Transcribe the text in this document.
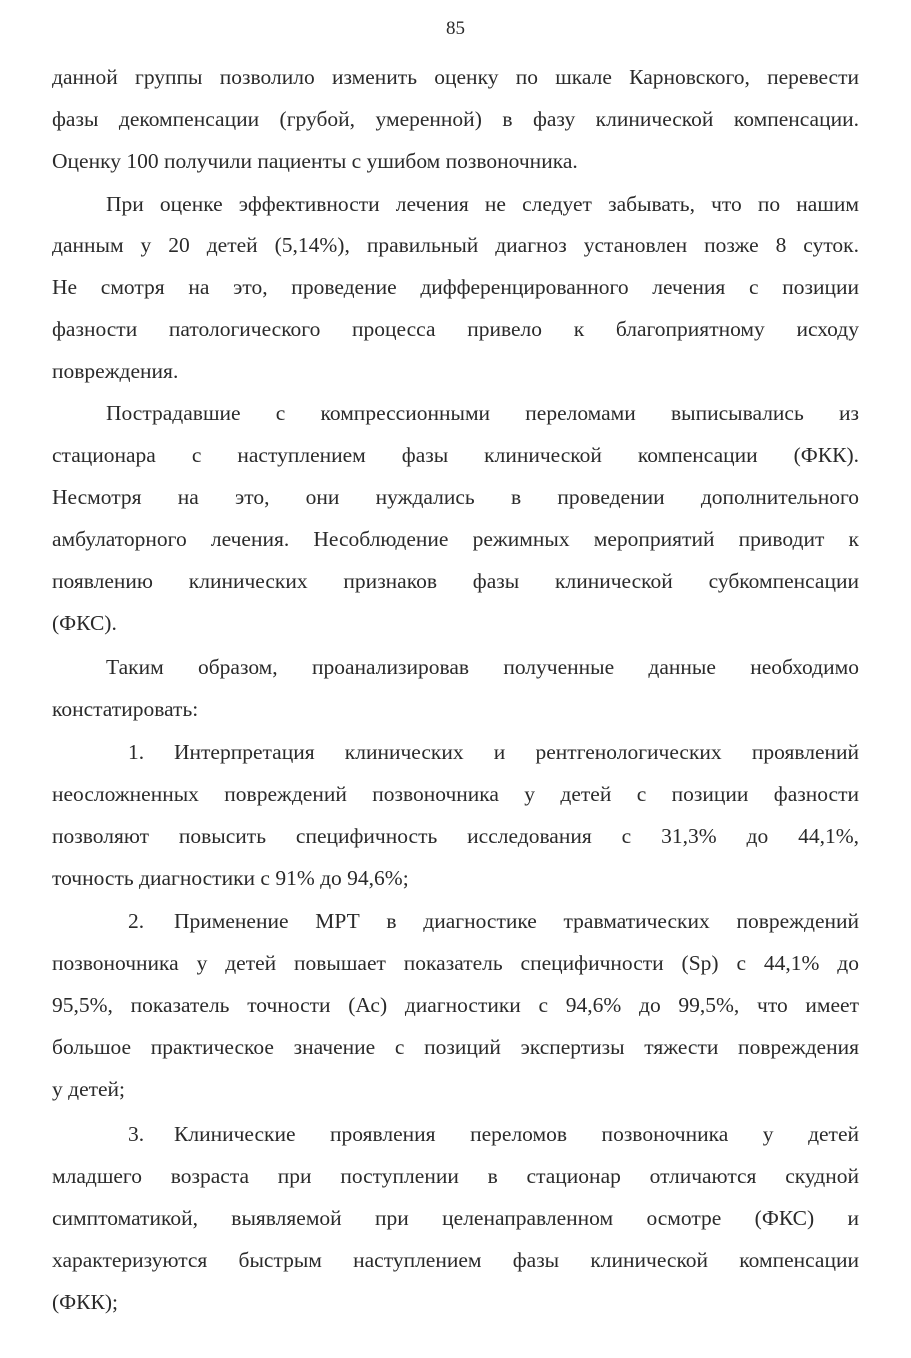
85
данной группы позволило изменить оценку по шкале Карновского, перевести
фазы декомпенсации (грубой, умеренной) в фазу клинической компенсации.
Оценку 100 получили пациенты с ушибом позвоночника.
При оценке эффективности лечения не следует забывать, что по нашим
данным у 20 детей (5,14%), правильный диагноз установлен позже 8 суток.
Не смотря на это, проведение дифференцированного лечения с позиции
фазности патологического процесса привело к благоприятному исходу
повреждения.
Пострадавшие с компрессионными переломами выписывались из
стационара с наступлением фазы клинической компенсации (ФКК).
Несмотря на это, они нуждались в проведении дополнительного
амбулаторного лечения. Несоблюдение режимных мероприятий приводит к
появлению клинических признаков фазы клинической субкомпенсации
(ФКС).
Таким образом, проанализировав полученные данные необходимо
констатировать:
1. Интерпретация клинических и рентгенологических проявлений
неосложненных повреждений позвоночника у детей с позиции фазности
позволяют повысить специфичность исследования с 31,3% до 44,1%,
точность диагностики с 91% до 94,6%;
2. Применение МРТ в диагностике травматических повреждений
позвоночника у детей повышает показатель специфичности (Sp) с 44,1% до
95,5%, показатель точности (Ас) диагностики с 94,6% до 99,5%, что имеет
большое практическое значение с позиций экспертизы тяжести повреждения
у детей;
3. Клинические проявления переломов позвоночника у детей
младшего возраста при поступлении в стационар отличаются скудной
симптоматикой, выявляемой при целенаправленном осмотре (ФКС) и
характеризуются быстрым наступлением фазы клинической компенсации
(ФКК);
